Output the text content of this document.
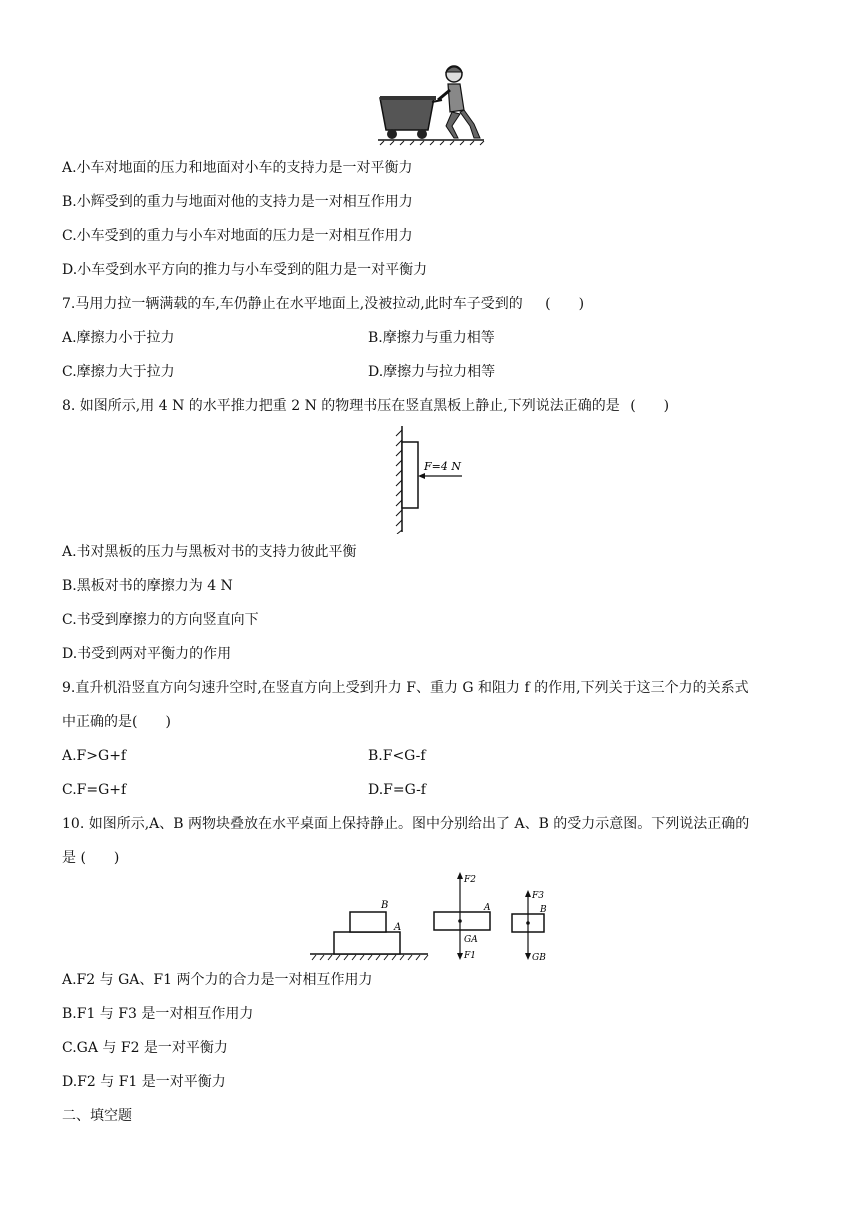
A.小车对地面的压力和地面对小车的支持力是一对平衡力
B.小辉受到的重力与地面对他的支持力是一对相互作用力
C.小车受到的重力与小车对地面的压力是一对相互作用力
D.小车受到水平方向的推力与小车受到的阻力是一对平衡力
7.马用力拉一辆满载的车,车仍静止在水平地面上,没被拉动,此时车子受到的 (　　)
A.摩擦力小于拉力	B.摩擦力与重力相等
C.摩擦力大于拉力	D.摩擦力与拉力相等
8. 如图所示,用 4 N 的水平推力把重 2 N 的物理书压在竖直黑板上静止,下列说法正确的是 (　　)
F=4 N
A.书对黑板的压力与黑板对书的支持力彼此平衡
B.黑板对书的摩擦力为 4 N
C.书受到摩擦力的方向竖直向下
D.书受到两对平衡力的作用
9.直升机沿竖直方向匀速升空时,在竖直方向上受到升力 F、重力 G 和阻力 f 的作用,下列关于这三个力的关系式
中正确的是(　　)
A.F>G+f	B.F<G-f
C.F=G+f	D.F=G-f
10. 如图所示,A、B 两物块叠放在水平桌面上保持静止。图中分别给出了 A、B 的受力示意图。下列说法正确的
是 (　　)
B
A
F2
A
GA
F1
F3
B
GB
A.F2 与 GA、F1 两个力的合力是一对相互作用力
B.F1 与 F3 是一对相互作用力
C.GA 与 F2 是一对平衡力
D.F2 与 F1 是一对平衡力
二、填空题
